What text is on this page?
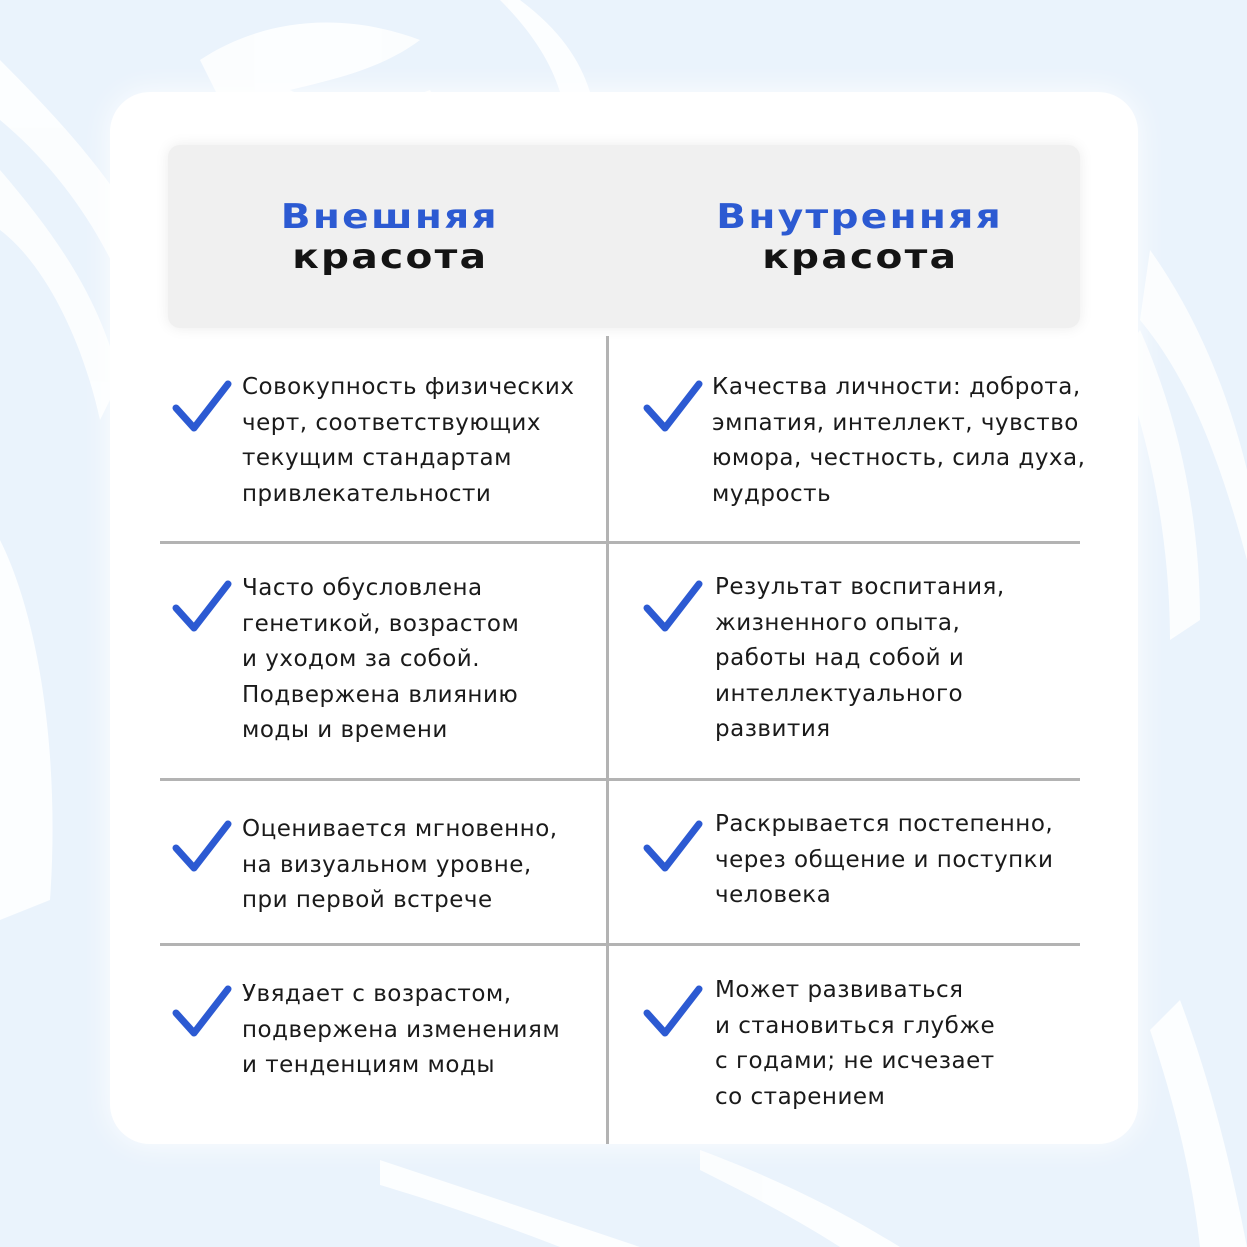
Внешняя
красота
Внутренняя
красота
Совокупность физических
черт, соответствующих
текущим стандартам
привлекательности
Качества личности: доброта,
эмпатия, интеллект, чувство
юмора, честность, сила духа,
мудрость
Часто обусловлена
генетикой, возрастом
и уходом за собой.
Подвержена влиянию
моды и времени
Результат воспитания,
жизненного опыта,
работы над собой и
интеллектуального
развития
Оценивается мгновенно,
на визуальном уровне,
при первой встрече
Раскрывается постепенно,
через общение и поступки
человека
Увядает с возрастом,
подвержена изменениям
и тенденциям моды
Может развиваться
и становиться глубже
с годами; не исчезает
со старением
